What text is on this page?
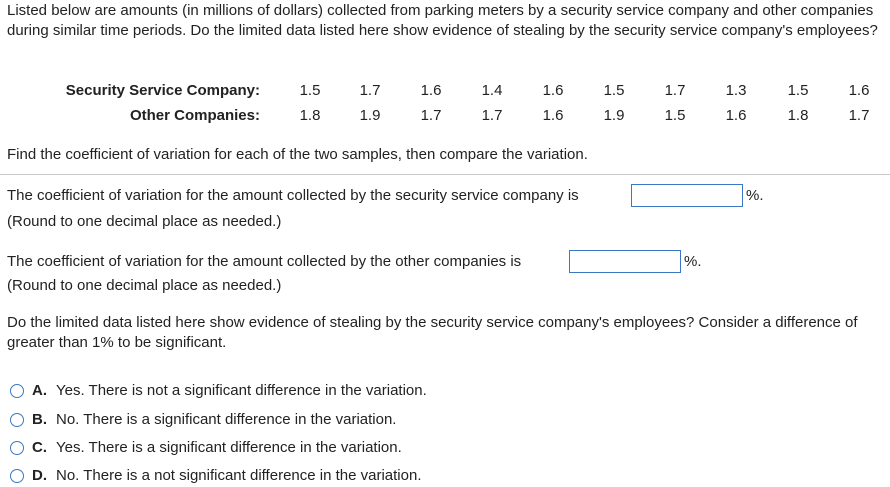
Listed below are amounts (in millions of dollars) collected from parking meters by a security service company and other companies during similar time periods. Do the limited data listed here show evidence of stealing by the security service company's employees?
Security Service Company:	1.5	1.7	1.6	1.4	1.6	1.5	1.7	1.3	1.5	1.6
Other Companies:	1.8	1.9	1.7	1.7	1.6	1.9	1.5	1.6	1.8	1.7
Find the coefficient of variation for each of the two samples, then compare the variation.
The coefficient of variation for the amount collected by the security service company is	%.
(Round to one decimal place as needed.)
The coefficient of variation for the amount collected by the other companies is	%.
(Round to one decimal place as needed.)
Do the limited data listed here show evidence of stealing by the security service company's employees? Consider a difference of greater than 1% to be significant.
A. Yes. There is not a significant difference in the variation.
B. No. There is a significant difference in the variation.
C. Yes. There is a significant difference in the variation.
D. No. There is a not significant difference in the variation.
